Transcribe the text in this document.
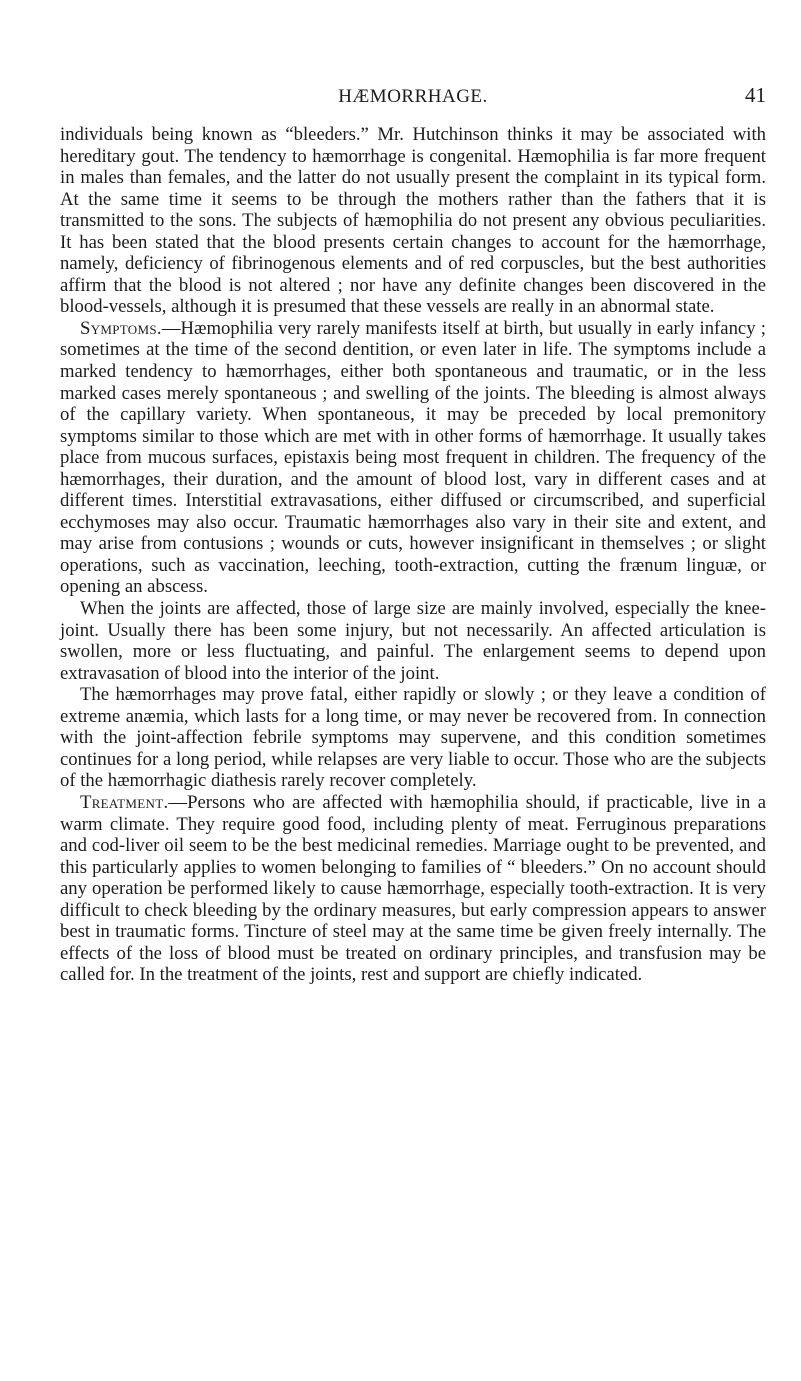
HÆMORRHAGE.	41

individuals being known as “bleeders.” Mr. Hutchinson thinks it may be associated with hereditary gout. The tendency to hæmorrhage is congenital. Hæmophilia is far more frequent in males than females, and the latter do not usually present the complaint in its typical form. At the same time it seems to be through the mothers rather than the fathers that it is transmitted to the sons. The subjects of hæmophilia do not present any obvious peculiarities. It has been stated that the blood presents certain changes to account for the hæmorrhage, namely, deficiency of fibrinogenous elements and of red corpuscles, but the best authorities affirm that the blood is not altered ; nor have any definite changes been discovered in the blood-vessels, although it is presumed that these vessels are really in an abnormal state.

Symptoms.—Hæmophilia very rarely manifests itself at birth, but usually in early infancy ; sometimes at the time of the second dentition, or even later in life. The symptoms include a marked tendency to hæmorrhages, either both spontaneous and traumatic, or in the less marked cases merely spontaneous ; and swelling of the joints. The bleeding is almost always of the capillary variety. When spontaneous, it may be preceded by local premonitory symptoms similar to those which are met with in other forms of hæmorrhage. It usually takes place from mucous surfaces, epistaxis being most frequent in children. The frequency of the hæmorrhages, their duration, and the amount of blood lost, vary in different cases and at different times. Interstitial extravasations, either diffused or circumscribed, and superficial ecchymoses may also occur. Traumatic hæmorrhages also vary in their site and extent, and may arise from contusions ; wounds or cuts, however insignificant in themselves ; or slight operations, such as vaccination, leeching, tooth-extraction, cutting the frænum linguæ, or opening an abscess.

When the joints are affected, those of large size are mainly involved, especially the knee-joint. Usually there has been some injury, but not necessarily. An affected articulation is swollen, more or less fluctuating, and painful. The enlargement seems to depend upon extravasation of blood into the interior of the joint.

The hæmorrhages may prove fatal, either rapidly or slowly ; or they leave a condition of extreme anæmia, which lasts for a long time, or may never be recovered from. In connection with the joint-affection febrile symptoms may supervene, and this condition sometimes continues for a long period, while relapses are very liable to occur. Those who are the subjects of the hæmorrhagic diathesis rarely recover completely.

Treatment.—Persons who are affected with hæmophilia should, if practicable, live in a warm climate. They require good food, including plenty of meat. Ferruginous preparations and cod-liver oil seem to be the best medicinal remedies. Marriage ought to be prevented, and this particularly applies to women belonging to families of “ bleeders.” On no account should any operation be performed likely to cause hæmorrhage, especially tooth-extraction. It is very difficult to check bleeding by the ordinary measures, but early compression appears to answer best in traumatic forms. Tincture of steel may at the same time be given freely internally. The effects of the loss of blood must be treated on ordinary principles, and transfusion may be called for. In the treatment of the joints, rest and support are chiefly indicated.
